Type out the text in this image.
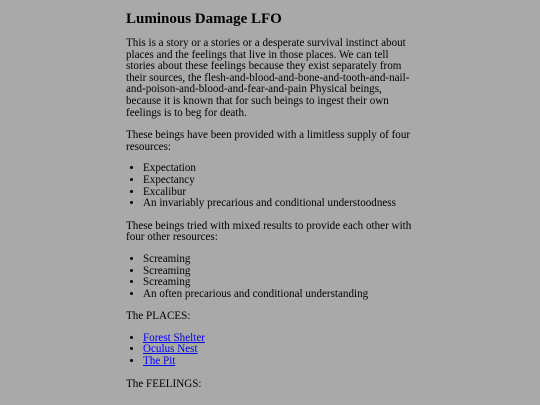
Luminous Damage LFO

This is a story or a stories or a desperate survival instinct about places and the feelings that live in those places. We can tell stories about these feelings because they exist separately from their sources, the flesh-and-blood-and-bone-and-tooth-and-nail-and-poison-and-blood-and-fear-and-pain Physical beings, because it is known that for such beings to ingest their own feelings is to beg for death.

These beings have been provided with a limitless supply of four resources:

• Expectation
• Expectancy
• Excalibur
• An invariably precarious and conditional understoodness

These beings tried with mixed results to provide each other with four other resources:

• Screaming
• Screaming
• Screaming
• An often precarious and conditional understanding

The PLACES:

• Forest Shelter
• Oculus Nest
• The Pit

The FEELINGS:
